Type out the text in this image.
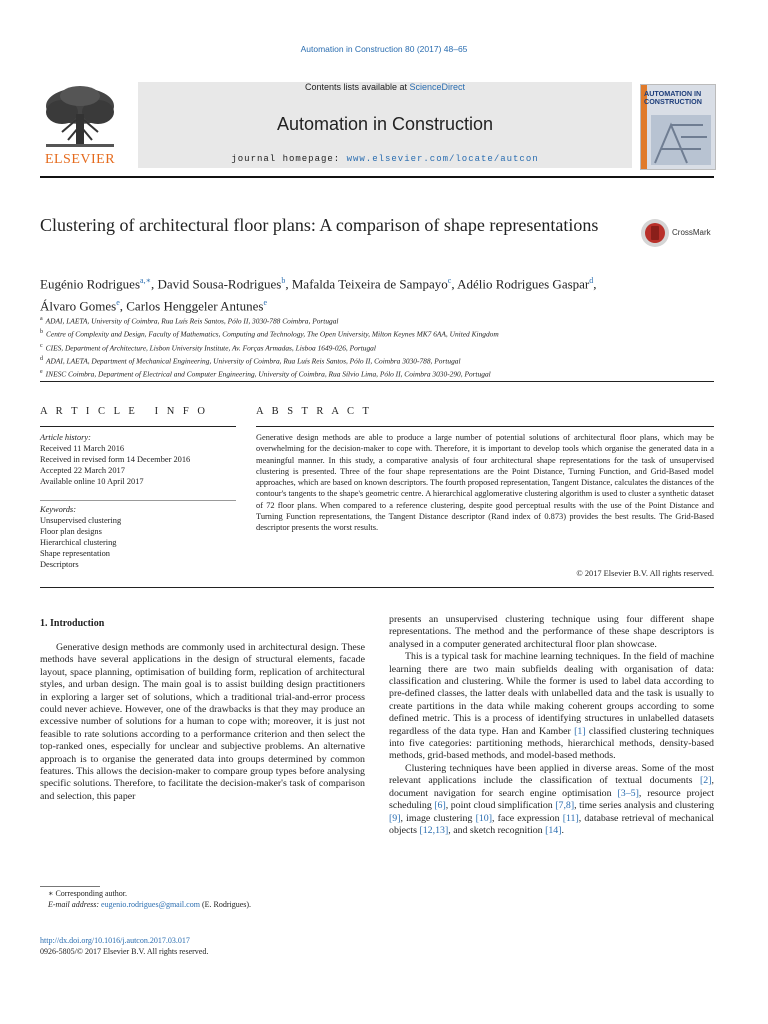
Automation in Construction 80 (2017) 48–65
Contents lists available at ScienceDirect
Automation in Construction
journal homepage: www.elsevier.com/locate/autcon
ELSEVIER
AUTOMATION IN CONSTRUCTION
Clustering of architectural floor plans: A comparison of shape representations	CrossMark
Eugénio Rodrigues$^{a,∗}$, David Sousa-Rodrigues$^b$, Mafalda Teixeira de Sampayo$^c$, Adélio Rodrigues Gaspar$^d$,
Álvaro Gomes$^e$, Carlos Henggeler Antunes$^e$
$^a$ ADAI, LAETA, University of Coimbra, Rua Luís Reis Santos, Pólo II, 3030-788 Coimbra, Portugal
$^b$ Centre of Complexity and Design, Faculty of Mathematics, Computing and Technology, The Open University, Milton Keynes MK7 6AA, United Kingdom
$^c$ CIES, Department of Architecture, Lisbon University Institute, Av. Forças Armadas, Lisboa 1649-026, Portugal
$^d$ ADAI, LAETA, Department of Mechanical Engineering, University of Coimbra, Rua Luís Reis Santos, Pólo II, Coimbra 3030-788, Portugal
$^e$ INESC Coimbra, Department of Electrical and Computer Engineering, University of Coimbra, Rua Sílvio Lima, Pólo II, Coimbra 3030-290, Portugal
A R T I C L E   I N F O
Article history:
Received 11 March 2016
Received in revised form 14 December 2016
Accepted 22 March 2017
Available online 10 April 2017
Keywords:
Unsupervised clustering
Floor plan designs
Hierarchical clustering
Shape representation
Descriptors
A B S T R A C T
Generative design methods are able to produce a large number of potential solutions of architectural floor plans, which may be overwhelming for the decision-maker to cope with. Therefore, it is important to develop tools which organise the generated data in a meaningful manner. In this study, a comparative analysis of four architectural shape representations for the task of unsupervised clustering is presented. Three of the four shape representations are the Point Distance, Turning Function, and Grid-Based model approaches, which are based on known descriptors. The fourth proposed representation, Tangent Distance, calculates the distances of the contour's tangents to the shape's geometric centre. A hierarchical agglomerative clustering algorithm is used to cluster a synthetic dataset of 72 floor plans. When compared to a reference clustering, despite good perceptual results with the use of the Point Distance and Turning Function representations, the Tangent Distance descriptor (Rand index of 0.873) provides the best results. The Grid-Based descriptor presents the worst results.
© 2017 Elsevier B.V. All rights reserved.
1. Introduction

Generative design methods are commonly used in architectural design. These methods have several applications in the design of structural elements, facade layout, space planning, optimisation of building form, replication of architectural styles, and urban design. The main goal is to assist building design practitioners in exploring a larger set of solutions, which a traditional trial-and-error process could never achieve. However, one of the drawbacks is that they may produce an excessive number of solutions for a human to cope with; moreover, it is just not feasible to rate solutions according to a performance criterion and then select the top-ranked ones, especially for unclear and subjective problems. An alternative approach is to organise the generated data into groups determined by common features. This allows the decision-maker to compare group types before analysing specific solutions. Therefore, to facilitate the decision-maker's task of comparison and selection, this paper

presents an unsupervised clustering technique using four different shape representations. The method and the performance of these shape descriptors is analysed in a computer generated architectural floor plan showcase.

This is a typical task for machine learning techniques. In the field of machine learning there are two main subfields dealing with organisation of data: classification and clustering. While the former is used to label data according to pre-defined classes, the latter deals with unlabelled data and the task is usually to create partitions in the data while making coherent groups according to some defined metric. This is a process of identifying structures in unlabelled datasets regardless of the data type. Han and Kamber [1] classified clustering techniques into five categories: partitioning methods, hierarchical methods, density-based methods, grid-based methods, and model-based methods.

Clustering techniques have been applied in diverse areas. Some of the most relevant applications include the classification of textual documents [2], document navigation for search engine optimisation [3–5], resource project scheduling [6], point cloud simplification [7,8], time series analysis and clustering [9], image clustering [10], face expression [11], database retrieval of mechanical objects [12,13], and sketch recognition [14].

∗ Corresponding author.
E-mail address: eugenio.rodrigues@gmail.com (E. Rodrigues).
http://dx.doi.org/10.1016/j.autcon.2017.03.017
0926-5805/© 2017 Elsevier B.V. All rights reserved.
